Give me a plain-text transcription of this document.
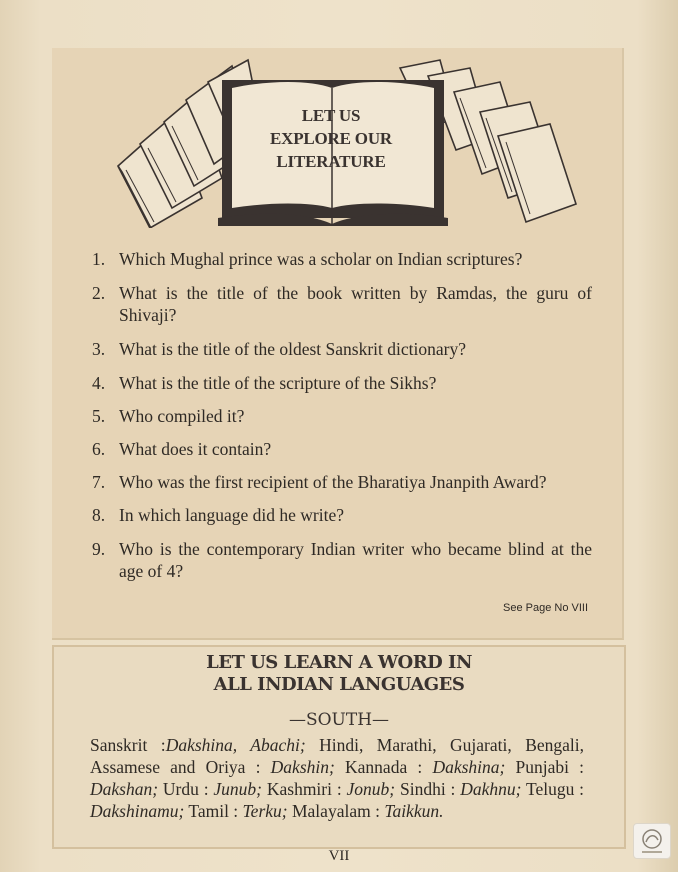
LET US
EXPLORE OUR
LITERATURE
1. Which Mughal prince was a scholar on Indian scriptures?
2. What is the title of the book written by Ramdas, the guru of Shivaji?
3. What is the title of the oldest Sanskrit dictionary?
4. What is the title of the scripture of the Sikhs?
5. Who compiled it?
6. What does it contain?
7. Who was the first recipient of the Bharatiya Jnanpith Award?
8. In which language did he write?
9. Who is the contemporary Indian writer who became blind at the age of 4?
See Page No VIII
LET US LEARN A WORD IN
ALL INDIAN LANGUAGES
—SOUTH—

Sanskrit :Dakshina, Abachi; Hindi, Marathi, Gujarati, Bengali, Assamese and Oriya : Dakshin; Kannada : Dakshina; Punjabi : Dakshan; Urdu : Junub; Kashmiri : Jonub; Sindhi : Dakhnu; Telugu : Dakshinamu; Tamil : Terku; Malayalam : Taikkun.

VII
